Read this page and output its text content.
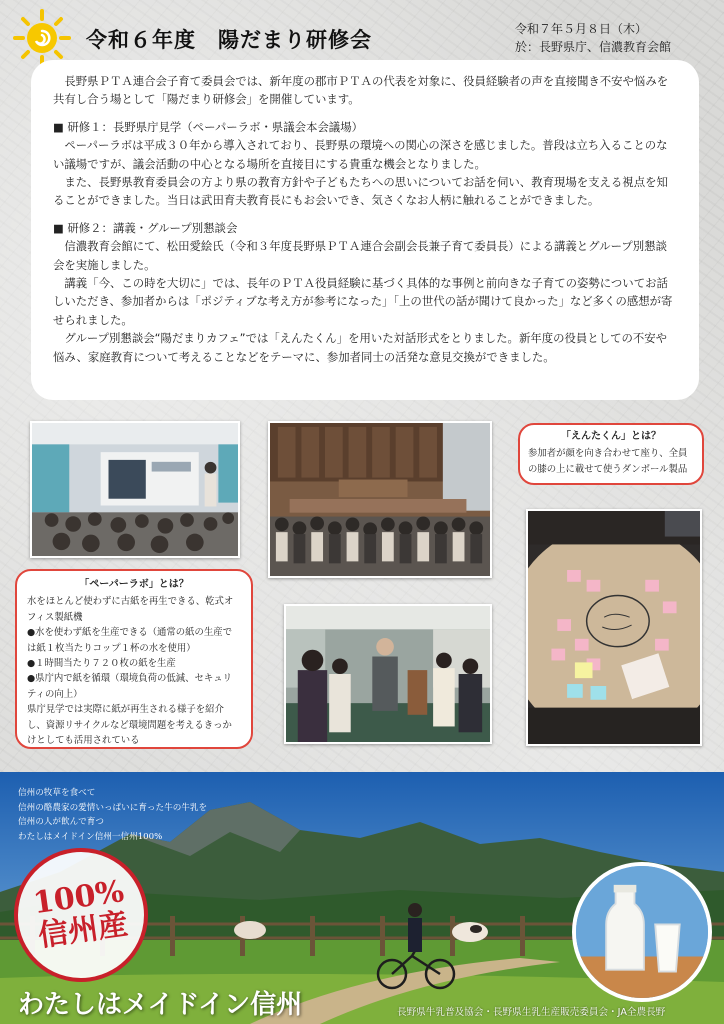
令和６年度　陽だまり研修会	令和７年５月８日（木）
於：長野県庁、信濃教育会館

長野県ＰＴＡ連合会子育て委員会では、新年度の郡市ＰＴＡの代表を対象に、役員経験者の声を直接聞き不安や悩みを共有し合う場として「陽だまり研修会」を開催しています。

■ 研修１：長野県庁見学（ペーパーラボ・県議会本会議場）

ペーパーラボは平成３０年から導入されており、長野県の環境への関心の深さを感じました。普段は立ち入ることのない議場ですが、議会活動の中心となる場所を直接目にする貴重な機会となりました。

また、長野県教育委員会の方より県の教育方針や子どもたちへの思いについてお話を伺い、教育現場を支える視点を知ることができました。当日は武田育夫教育長にもお会いでき、気さくなお人柄に触れることができました。

■ 研修２：講義・グループ別懇談会

信濃教育会館にて、松田愛絵氏（令和３年度長野県ＰＴＡ連合会副会長兼子育て委員長）による講義とグループ別懇談会を実施しました。

講義「今、この時を大切に」では、長年のＰＴＡ役員経験に基づく具体的な事例と前向きな子育ての姿勢についてお話しいただき、参加者からは「ポジティブな考え方が参考になった」「上の世代の話が聞けて良かった」など多くの感想が寄せられました。

グループ別懇談会“陽だまりカフェ”では「えんたくん」を用いた対話形式をとりました。新年度の役員としての不安や悩み、家庭教育について考えることなどをテーマに、参加者同士の活発な意見交換ができました。

「ペーパーラボ」とは？
水をほとんど使わずに古紙を再生できる、乾式オフィス製紙機
●水を使わず紙を生産できる（通常の紙の生産では紙１枚当たりコップ１杯の水を使用）
●１時間当たり７２０枚の紙を生産
●県庁内で紙を循環（環境負荷の低減、セキュリティの向上）
県庁見学では実際に紙が再生される様子を紹介し、資源リサイクルなど環境問題を考えるきっかけとしても活用されている
「えんたくん」とは？
参加者が顔を向き合わせて座り、全員の膝の上に載せて使うダンボール製品
信州の牧草を食べて
信州の酪農家の愛情いっぱいに育った牛の牛乳を
信州の人が飲んで育つ
わたしはメイドイン信州一信州100%
100%
信州産
わたしはメイドイン信州	長野県牛乳普及協会・長野県生乳生産販売委員会・JA全農長野
